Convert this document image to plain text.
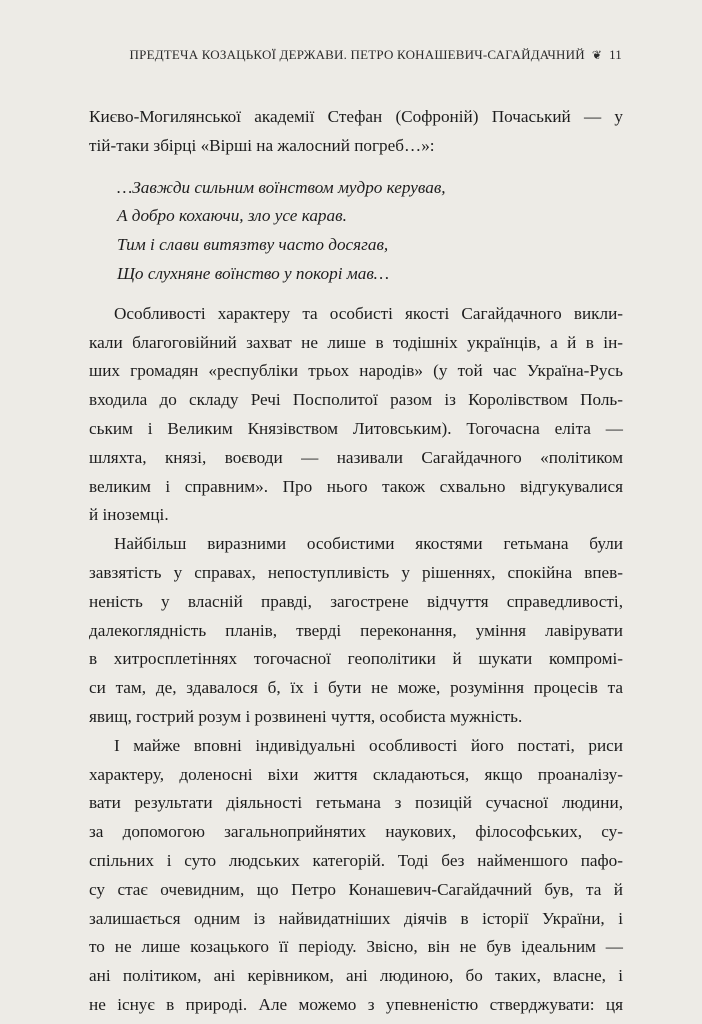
ПРЕДТЕЧА КОЗАЦЬКОЇ ДЕРЖАВИ. ПЕТРО КОНАШЕВИЧ-САГАЙДАЧНИЙ ❦ 11
Києво-Могилянської академії Стефан (Софроній) Почаський — у
тій-таки збірці «Вірші на жалосний погреб…»:
…Завжди сильним воїнством мудро керував,
А добро кохаючи, зло усе карав.
Тим і слави витязтву часто досягав,
Що слухняне воїнство у покорі мав…
Особливості характеру та особисті якості Сагайдачного викли-
кали благоговійний захват не лише в тодішніх українців, а й в ін-
ших громадян «республіки трьох народів» (у той час Україна-Русь
входила до складу Речі Посполитої разом із Королівством Поль-
ським і Великим Князівством Литовським). Тогочасна еліта —
шляхта, князі, воєводи — називали Сагайдачного «політиком
великим і справним». Про нього також схвально відгукувалися
й іноземці.
Найбільш виразними особистими якостями гетьмана були
завзятість у справах, непоступливість у рішеннях, спокійна впев-
неність у власній правді, загострене відчуття справедливості,
далекоглядність планів, тверді переконання, уміння лавірувати
в хитросплетіннях тогочасної геополітики й шукати компромі-
си там, де, здавалося б, їх і бути не може, розуміння процесів та
явищ, гострий розум і розвинені чуття, особиста мужність.
І майже вповні індивідуальні особливості його постаті, риси
характеру, доленосні віхи життя складаються, якщо проаналізу-
вати результати діяльності гетьмана з позицій сучасної людини,
за допомогою загальноприйнятих наукових, філософських, су-
спільних і суто людських категорій. Тоді без найменшого пафо-
су стає очевидним, що Петро Конашевич-Сагайдачний був, та й
залишається одним із найвидатніших діячів в історії України, і
то не лише козацького її періоду. Звісно, він не був ідеальним —
ані політиком, ані керівником, ані людиною, бо таких, власне, і
не існує в природі. Але можемо з упевненістю стверджувати: ця
